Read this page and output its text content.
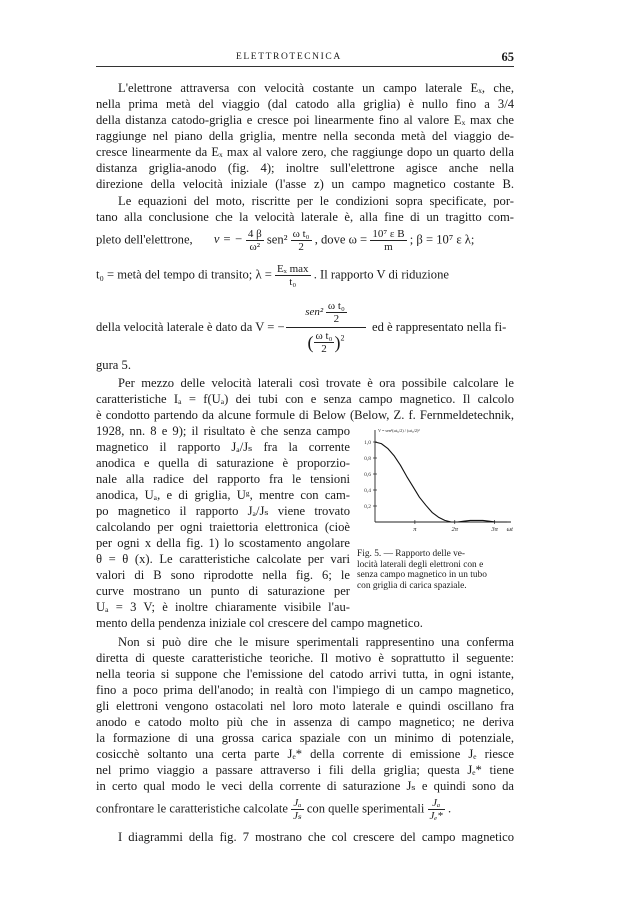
ELETTROTECNICA	65
L'elettrone attraversa con velocità costante un campo laterale Eₓ, che,
nella prima metà del viaggio (dal catodo alla griglia) è nullo fino a 3/4
della distanza catodo-griglia e cresce poi linearmente fino al valore Eₓ max che
raggiunge nel piano della griglia, mentre nella seconda metà del viaggio de-
cresce linearmente da Eₓ max al valore zero, che raggiunge dopo un quarto della
distanza griglia-anodo (fig. 4); inoltre sull'elettrone agisce anche nella
direzione della velocità iniziale (l'asse z) un campo magnetico costante B.
Le equazioni del moto, riscritte per le condizioni sopra specificate, por-
tano alla conclusione che la velocità laterale è, alla fine di un tragitto com-
pleto dell'elettrone, v = − $\frac{4 \beta}{\text{ω²}} sen^2 \frac{\text{ω t₀}}{2}$ , dove $\omega = \frac{\text{10⁷ ε B}}{m}$ ; β = 10⁷ ε λ;
t₀ = metà del tempo di transito; $\lambda = \frac{\text{Eₓ max}}{\text{t₀}}$ . Il rapporto V di riduzione
della velocità laterale è dato da V = −
$sen^2 \frac{\text{ω t₀}}{2}$
( $\frac{\text{ω t₀}}{2} )^2$
ed è rappresentato nella fi-
gura 5.
Per mezzo delle velocità laterali così trovate è ora possibile calcolare le
caratteristiche Iₐ = f(Uₐ) dei tubi con e senza campo magnetico. Il calcolo
è condotto partendo da alcune formule di Below (Below, Z. f. Fernmeldetechnik,
1928, nn. 8 e 9); il risultato è che senza campo
magnetico il rapporto Jₐ/Jₛ fra la corrente
anodica e quella di saturazione è proporzio-
nale alla radice del rapporto fra le tensioni
anodica, Uₐ, e di griglia, Uᵍ, mentre con cam-
po magnetico il rapporto Jₐ/Jₛ viene trovato
calcolando per ogni traiettoria elettronica (cioè
per ogni x della fig. 1) lo scostamento angolare
θ = θ (x). Le caratteristiche calcolate per vari
valori di B sono riprodotte nella fig. 6; le
curve mostrano un punto di saturazione per
Uₐ = 3 V; è inoltre chiaramente visibile l'au-
mento della pendenza iniziale col crescere del campo magnetico.
1,0
0,8
0,6
0,4
0,2
π	2π	3π
V = sen²(ωt₀/2) / (ωt₀/2)²
ωt
Fig. 5. — Rapporto delle ve-
locità laterali degli elettroni con e
senza campo magnetico in un tubo
con griglia di carica spaziale.
Non si può dire che le misure sperimentali rappresentino una conferma
diretta di queste caratteristiche teoriche. Il motivo è soprattutto il seguente:
nella teoria si suppone che l'emissione del catodo arrivi tutta, in ogni istante,
fino a poco prima dell'anodo; in realtà con l'impiego di un campo magnetico,
gli elettroni vengono ostacolati nel loro moto laterale e quindi oscillano fra
anodo e catodo molto più che in assenza di campo magnetico; ne deriva
la formazione di una grossa carica spaziale con un minimo di potenziale,
cosicchè soltanto una certa parte Jₑ* della corrente di emissione Jₑ riesce
nel primo viaggio a passare attraverso i fili della griglia; questa Jₑ* tiene
in certo qual modo le veci della corrente di saturazione Jₛ e quindi sono da
confrontare le caratteristiche calcolate $\frac{\text{Jₐ}}{\text{Jₛ}}$ con quelle sperimentali $\frac{\text{Jₐ}}{\text{Jₑ*}}$ .
I diagrammi della fig. 7 mostrano che col crescere del campo magnetico
